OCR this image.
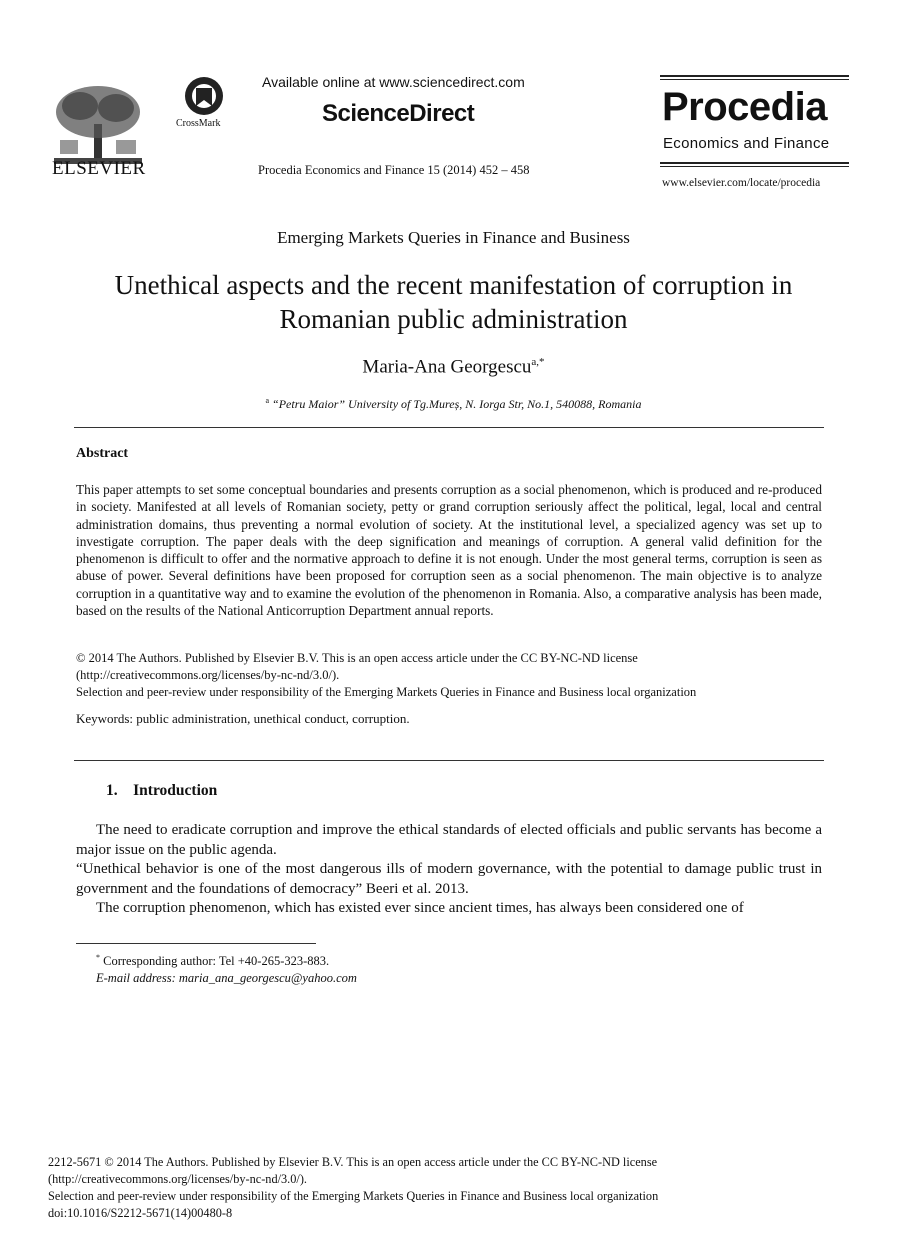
ELSEVIER
CrossMark
Available online at www.sciencedirect.com
ScienceDirect
Procedia Economics and Finance 15 (2014) 452 – 458
Procedia
Economics and Finance
www.elsevier.com/locate/procedia
Emerging Markets Queries in Finance and Business
Unethical aspects and the recent manifestation of corruption in
Romanian public administration
Maria-Ana Georgescu$^{a,*}$
$^a$ “Petru Maior” University of Tg.Mureș, N. Iorga Str, No.1, 540088, Romania
Abstract
This paper attempts to set some conceptual boundaries and presents corruption as a social phenomenon, which is produced and re-produced in society. Manifested at all levels of Romanian society, petty or grand corruption seriously affect the political, legal, local and central administration domains, thus preventing a normal evolution of society. At the institutional level, a specialized agency was set up to investigate corruption. The paper deals with the deep signification and meanings of corruption. A general valid definition for the phenomenon is difficult to offer and the normative approach to define it is not enough. Under the most general terms, corruption is seen as abuse of power. Several definitions have been proposed for corruption seen as a social phenomenon. The main objective is to analyze corruption in a quantitative way and to examine the evolution of the phenomenon in Romania. Also, a comparative analysis has been made, based on the results of the National Anticorruption Department annual reports.
© 2014 The Authors. Published by Elsevier B.V. This is an open access article under the CC BY-NC-ND license
(http://creativecommons.org/licenses/by-nc-nd/3.0/).
Selection and peer-review under responsibility of the Emerging Markets Queries in Finance and Business local organization
Keywords: public administration, unethical conduct, corruption.
1.    Introduction
The need to eradicate corruption and improve the ethical standards of elected officials and public servants has become a major issue on the public agenda.
“Unethical behavior is one of the most dangerous ills of modern governance, with the potential to damage public trust in government and the foundations of democracy” Beeri et al. 2013.
The corruption phenomenon, which has existed ever since ancient times, has always been considered one of
* Corresponding author: Tel +40-265-323-883.
E-mail address: maria_ana_georgescu@yahoo.com
2212-5671 © 2014 The Authors. Published by Elsevier B.V. This is an open access article under the CC BY-NC-ND license
(http://creativecommons.org/licenses/by-nc-nd/3.0/).
Selection and peer-review under responsibility of the Emerging Markets Queries in Finance and Business local organization
doi:10.1016/S2212-5671(14)00480-8
